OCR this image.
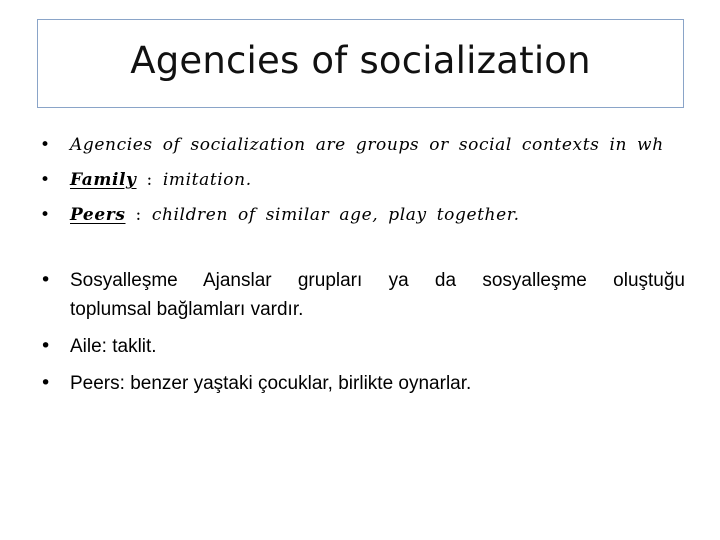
Agencies of socialization
• Agencies of socialization are groups or social contexts in wh
• Family : imitation.
• Peers : children of similar age, play together.
• Sosyalleşme Ajanslar grupları ya da sosyalleşme oluştuğu
toplumsal bağlamları vardır.
• Aile: taklit.
• Peers: benzer yaştaki çocuklar, birlikte oynarlar.
